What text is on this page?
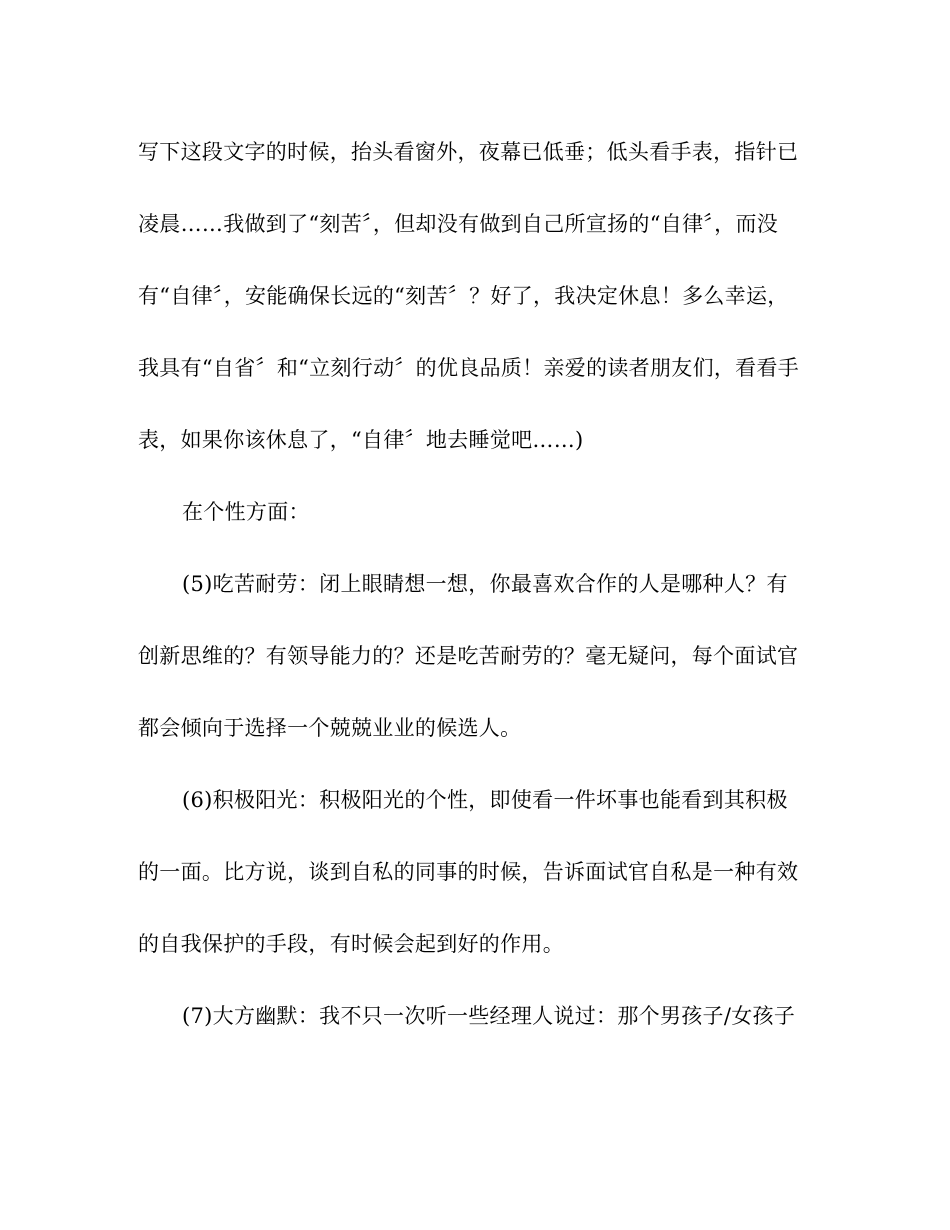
写下这段文字的时候，抬头看窗外，夜幕已低垂；低头看手表，指针已
凌晨……我做到了“刻苦〞，但却没有做到自己所宣扬的“自律〞，而没
有“自律〞，安能确保长远的“刻苦〞？好了，我决定休息！多么幸运，
我具有“自省〞和“立刻行动〞的优良品质！亲爱的读者朋友们，看看手
表，如果你该休息了，“自律〞地去睡觉吧……)
在个性方面：
(5)吃苦耐劳：闭上眼睛想一想，你最喜欢合作的人是哪种人？有
创新思维的？有领导能力的？还是吃苦耐劳的？毫无疑问，每个面试官
都会倾向于选择一个兢兢业业的候选人。
(6)积极阳光：积极阳光的个性，即使看一件坏事也能看到其积极
的一面。比方说，谈到自私的同事的时候，告诉面试官自私是一种有效
的自我保护的手段，有时候会起到好的作用。
(7)大方幽默：我不只一次听一些经理人说过：那个男孩子/女孩子
